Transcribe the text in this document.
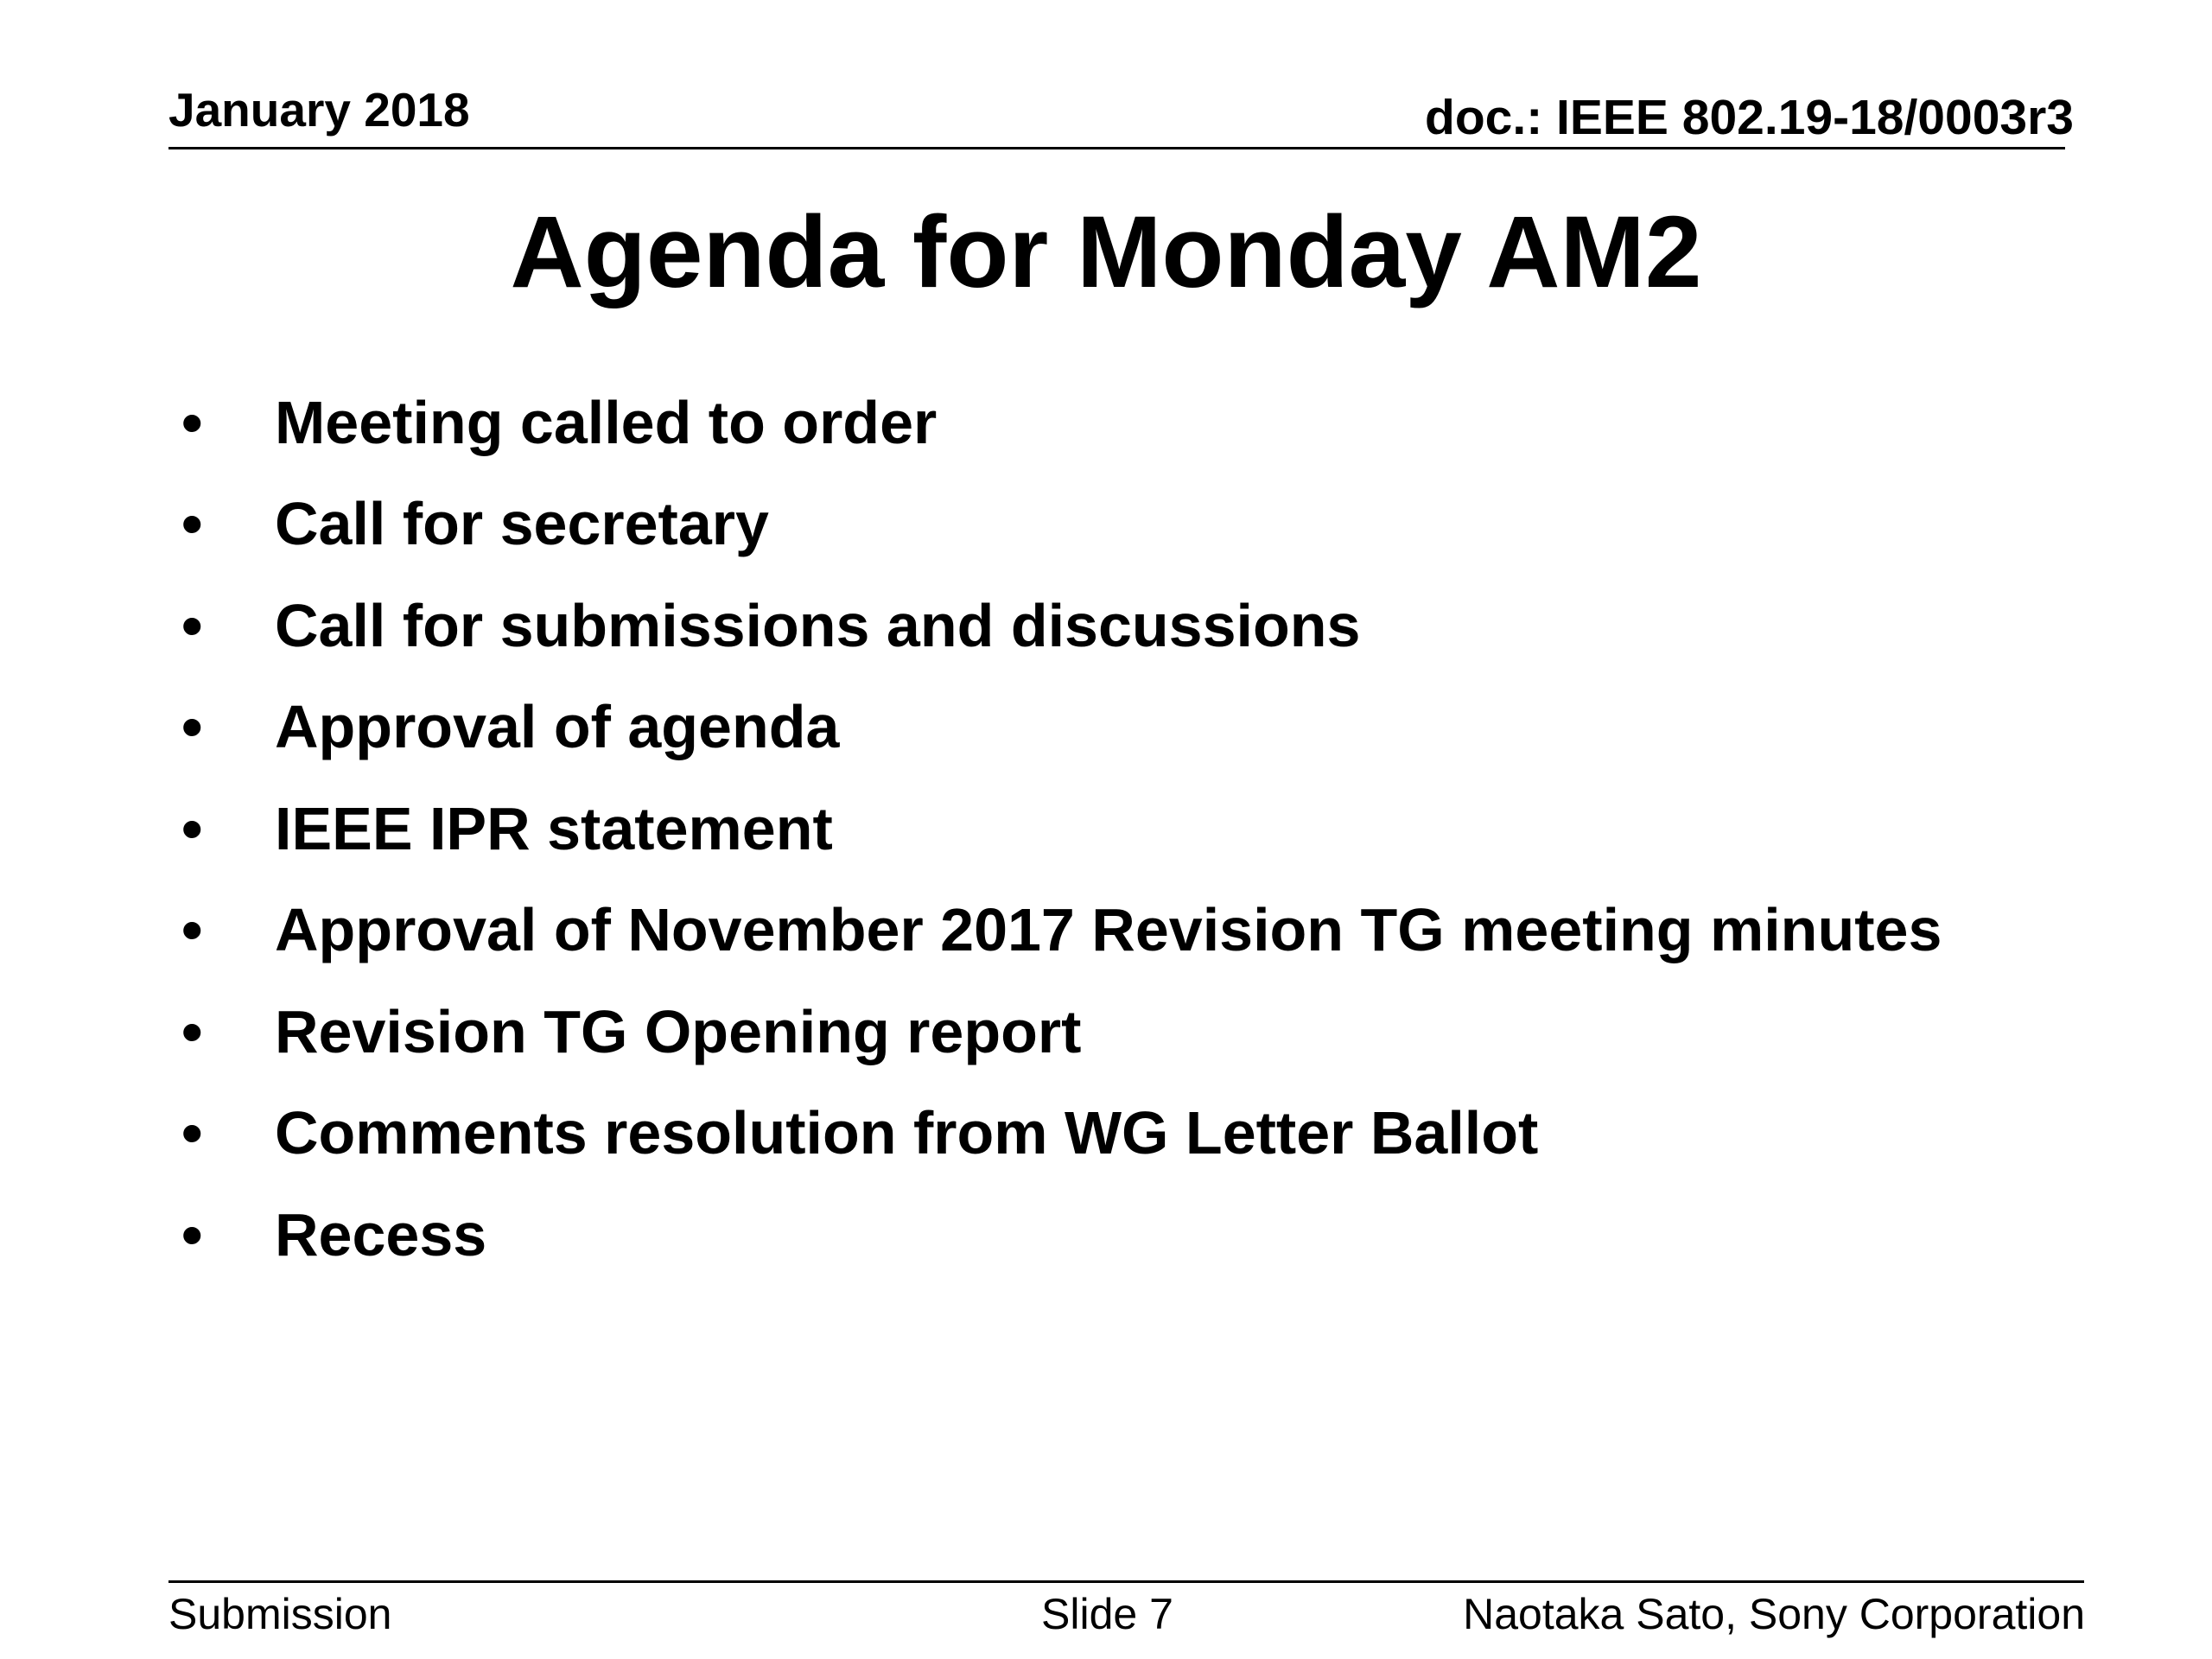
January 2018	doc.: IEEE 802.19-18/0003r3
Agenda for Monday AM2
•	Meeting called to order
•	Call for secretary
•	Call for submissions and discussions
•	Approval of agenda
•	IEEE IPR statement
•	Approval of November 2017 Revision TG meeting minutes
•	Revision TG Opening report
•	Comments resolution from WG Letter Ballot
•	Recess
Submission	Slide 7	Naotaka Sato, Sony Corporation
